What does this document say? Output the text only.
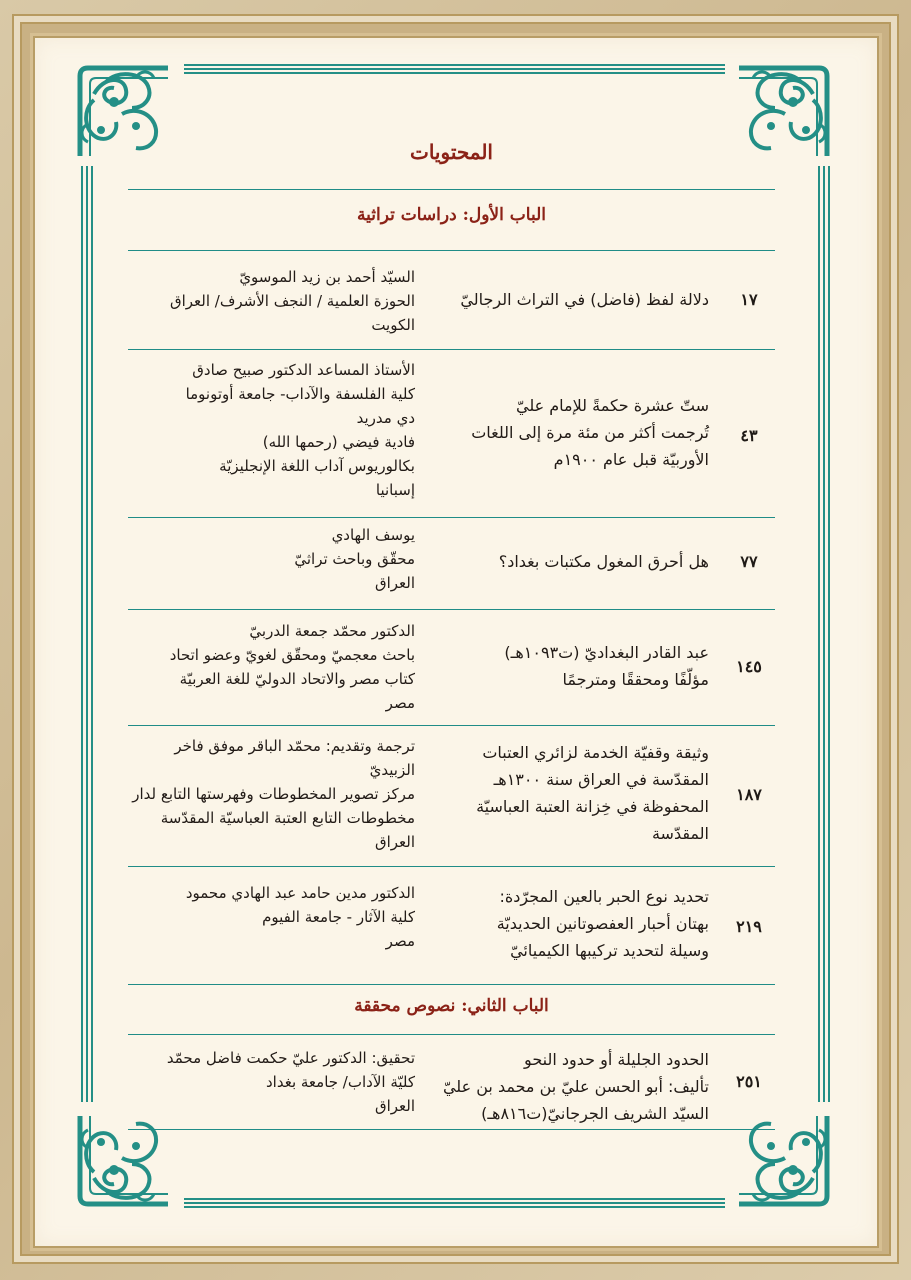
المحتويات
الباب الأول: دراسات تراثية
١٧
دلالة لفظ (فاضل) في التراث الرجاليّ
السيّد أحمد بن زيد الموسويّ
الحوزة العلمية / النجف الأشرف/ العراق
الكويت
٤٣
ستّ عشرة حكمةً للإمام عليّ
تُرجمت أكثر من مئة مرة إلى اللغات
الأوربيّة قبل عام ١٩٠٠م
الأستاذ المساعد الدكتور صبيح صادق
كلية الفلسفة والآداب- جامعة أوتونوما
دي مدريد
فادية فيضي (رحمها الله)
بكالوريوس آداب اللغة الإنجليزيّة
إسبانيا
٧٧
هل أحرق المغول مكتبات بغداد؟
يوسف الهادي
محقّق وباحث تراثيّ
العراق
١٤٥
عبد القادر البغداديّ (ت١٠٩٣هـ)
مؤلّفًا ومحققًا ومترجمًا
الدكتور محمّد جمعة الدربيّ
باحث معجميّ ومحقّق لغويّ وعضو اتحاد
كتاب مصر والاتحاد الدوليّ للغة العربيّة
مصر
١٨٧
وثيقة وقفيّة الخدمة لزائري العتبات
المقدّسة في العراق سنة ١٣٠٠هـ
المحفوظة في خِزانة العتبة العباسيّة
المقدّسة
ترجمة وتقديم: محمّد الباقر موفق فاخر
الزبيديّ
مركز تصوير المخطوطات وفهرستها التابع لدار
مخطوطات التابع العتبة العباسيّة المقدّسة
العراق
٢١٩
تحديد نوع الحبر بالعين المجرّدة:
بهتان أحبار العفصوتانين الحديديّة
وسيلة لتحديد تركيبها الكيميائيّ
الدكتور مدين حامد عبد الهادي محمود
كلية الآثار - جامعة الفيوم
مصر
الباب الثاني: نصوص محققة
٢٥١
الحدود الجليلة أو حدود النحو
تأليف: أبو الحسن عليّ بن محمد بن عليّ
السيّد الشريف الجرجانيّ(ت٨١٦هـ)
تحقيق: الدكتور عليّ حكمت فاضل محمّد
كليّة الآداب/ جامعة بغداد
العراق
